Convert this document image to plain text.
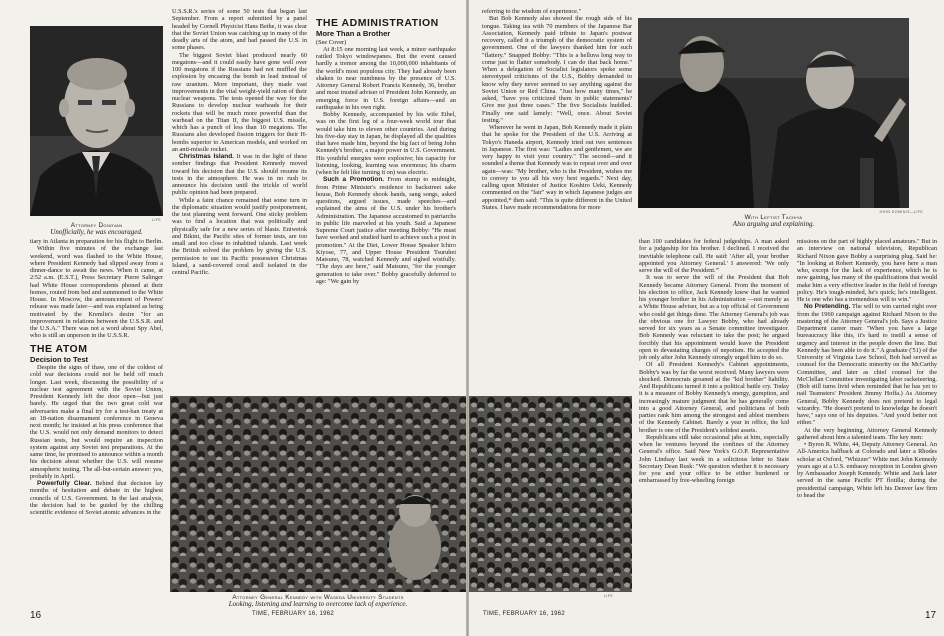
LIFE
Attorney Donovan
Unofficially, he was encouraged.

tiary in Atlanta in preparation for his flight to Berlin.

Within five minutes of the exchange last weekend, word was flashed to the White House, where President Kennedy had slipped away from a dinner-dance to await the news. When it came, at 2:52 a.m. (E.S.T.), Press Secretary Pierre Salinger had White House correspondents phoned at their homes, routed from bed and summoned to the White House. In Moscow, the announcement of Powers' release was made later—and was explained as being motivated by the Kremlin's desire "for an improvement in relations between the U.S.S.R. and the U.S.A." There was not a word about Spy Abel, who is still an unperson in the U.S.S.R.

THE ATOM
Decision to Test

Despite the signs of thaw, one of the coldest of cold war decisions could not be held off much longer. Last week, discussing the possibility of a nuclear test agreement with the Soviet Union, President Kennedy left the door open—but just barely. He urged that the two great cold war adversaries make a final try for a test-ban treaty at an 18-nation disarmament conference in Geneva next month; he insisted at his press conference that the U.S. would not only demand monitors to detect Russian tests, but would require an inspection system against any Soviet test preparations. At the same time, he promised to announce within a month his decision about whether the U.S. will resume atmospheric testing. The all-but-certain answer: yes, probably in April.

Powerfully Clear. Behind that decision lay months of hesitation and debate in the highest councils of U.S. Government. In the last analysis, the decision had to be guided by the chilling scientific evidence of Soviet atomic advances in the

U.S.S.R.'s series of some 50 tests that began last September. From a report submitted by a panel headed by Cornell Physicist Hans Bethe, it was clear that the Soviet Union was catching up in many of the deadly arts of the atom, and had passed the U.S. in some phases.

The biggest Soviet blast produced nearly 60 megatons—and it could easily have gone well over 100 megatons if the Russians had not muffled the explosion by encasing the bomb in lead instead of raw uranium. More important, they made vast improvements in the vital weight-yield ration of their nuclear weapons. The tests opened the way for the Russians to develop nuclear warheads for their rockets that will be much more powerful than the warhead on the Titan II, the biggest U.S. missile, which has a punch of less than 10 megatons. The Russians also developed fission triggers for their H-bombs superior to American models, and worked on an anti-missile rocket.

Christmas Island. It was in the light of these somber findings that President Kennedy moved toward his decision that the U.S. should resume its tests in the atmosphere. He was in no rush to announce his decision until the trickle of world public opinion had been prepared.

While a faint chance remained that some turn in the diplomatic situation would justify postponement, the test planning went forward. One sticky problem was to find a location that was politically and physically safe for a new series of blasts. Eniwetok and Bikini, the Pacific sites of former tests, are too small and too close to inhabited islands. Last week the British solved the problem by giving the U.S. permission to use its Pacific possession Christmas Island, a sand-covered coral atoll isolated in the central Pacific.

THE ADMINISTRATION
More Than a Brother

(See Cover)

At 8:15 one morning last week, a minor earthquake rattled Tokyo windowpanes. But the event caused hardly a tremor among the 10,000,000 inhabitants of the world's most populous city. They had already been shaken to near numbness by the presence of U.S. Attorney General Robert Francis Kennedy, 36, brother and most trusted adviser of President John Kennedy, an emerging force in U.S. foreign affairs—and an earthquake in his own right.

Bobby Kennedy, accompanied by his wife Ethel, was on the first leg of a four-week world tour that would take him to eleven other countries. And during his five-day stay in Japan, he displayed all the qualities that have made him, beyond the big fact of being John Kennedy's brother, a major power in U.S. Government. His youthful energies were explosive; his capacity for listening, looking, learning was enormous; his charm (when he felt like turning it on) was electric.

Such a Promotion. From stump to midnight, from Prime Minister's residence to backstreet sake house, Bob Kennedy shook hands, sang songs, asked questions, argued issues, made speeches—and explained the aims of the U.S. under his brother's Administration. The Japanese accustomed to patriarchs in public life marveled at his youth. Said a Japanese Supreme Court justice after meeting Bobby: "He must have worked and studied hard to achieve such a post in promotion." At the Diet, Lower House Speaker Ichiro Kiyose, 77, and Upper House President Tsuruhei Matsuno, 78, watched Kennedy and sighed wistfully. "The days are here," said Matsuno, "for the younger generation to take over." Bobby gracefully deferred to age: "We gain by

Attorney General Kennedy with Waseda University Students
Looking, listening and learning to overcome lack of experience.
16	TIME, FEBRUARY 16, 1962

referring to the wisdom of experience."

But Bob Kennedy also showed the rough side of his tongue. Taking tea with 70 members of the Japanese Bar Association, Kennedy paid tribute to Japan's postwar recovery, called it a triumph of the democratic system of government. One of the lawyers thanked him for such "flattery." Snapped Bobby: "This is a helluva long way to come just to flatter somebody. I can do that back home." When a delegation of Socialist legislators spoke some stereotyped criticisms of the U.S., Bobby demanded to know why they never seemed to say anything against the Soviet Union or Red China. "Just how many times," he asked, "have you criticized them in public statements? Give me just three cases." The five Socialists huddled. Finally one said lamely: "Well, once. About Soviet testing."

Wherever he went in Japan, Bob Kennedy made it plain that he spoke for the President of the U.S. Arriving at Tokyo's Haneda airport, Kennedy tried out two sentences in Japanese. The first was: "Ladies and gentlemen, we are very happy to visit your country." The second—and it sounded a theme that Kennedy was to repeat over and over again—was: "My brother, who is the President, wishes me to convey to you all his very best regards." Next day, calling upon Minister of Justice Koshiro Ueki, Kennedy commented on the "fair" way in which Japanese judges are appointed,* then said: "This is quite different in the United States. I have made recommendations for more

JOHN DOMINIS—LIFE
With Leftist Tachiya
Also arguing and explaining.

than 100 candidates for federal judgeships. A man asked for a judgeship for his brother. I declined. I received the inevitable telephone call. He said: 'After all, your brother appointed you Attorney General.' I answered: 'We only serve the will of the President.'"

It was to serve the will of the President that Bob Kennedy became Attorney General. From the moment of his election to office, Jack Kennedy knew that he wanted his younger brother in his Administration —not merely as a White House adviser, but as a top official of Government who could get things done. The Attorney General's job was the obvious one for Lawyer Bobby, who had already served for six years as a Senate committee investigator. Bob Kennedy was reluctant to take the post; he argued forcibly that his appointment would leave the President open to devastating charges of nepotism. He accepted the job only after John Kennedy strongly urged him to do so.

Of all President Kennedy's Cabinet appointments, Bobby's was by far the worst received. Many lawyers were shocked. Democrats groaned at the "kid brother" liability. And Republicans turned it into a political battle cry. Today it is a measure of Bobby Kennedy's energy, gumption, and increasingly mature judgment that he has generally come into a good Attorney General, and politicians of both parties rank him among the strongest and ablest members of the Kennedy Cabinet. Barely a year in office, the kid brother is one of the President's solidest assets.

Republicans still take occasional jabs at him, especially when he ventures beyond the confines of the Attorney General's office. Said New York's G.O.P. Representative John Lindsay last week in a solicitous letter to State Secretary Dean Rusk: "We question whether it is necessary for you and your office to be either burdened or embarrassed by free-wheeling foreign

missions on the part of highly placed amateurs." But in an interview on national television, Republican Richard Nixon gave Bobby a surprising plug. Said he: "In looking at Robert Kennedy, you have here a man who, except for the lack of experience, which he is now gaining, has many of the qualifications that would make him a very effective leader in the field of foreign policy. He's tough-minded, he's quick; he's intelligent. He is one who has a tremendous will to win."

No Pretending. The will to win carried right over from the 1960 campaign against Richard Nixon to the mastering of the Attorney General's job. Says a Justice Department career man: "When you have a large bureaucracy like this, it's hard to instill a sense of urgency and interest in the people down the line. But Kennedy has been able to do it." A graduate ('51) of the University of Virginia Law School, Bob had served as counsel for the Democratic minority on the McCarthy Committee, and later as chief counsel for the McClellan Committee investigating labor racketeering. (Bob still turns livid when reminded that he has yet to nail Teamsters' President Jimmy Hoffa.) As Attorney General, Bobby Kennedy does not pretend to legal wizardry. "He doesn't pretend to knowledge he doesn't have," says one of his deputies. "And you'd better not either."

At the very beginning, Attorney General Kennedy gathered about him a talented team. The key men:

• Byron R. White, 44, Deputy Attorney General. An All-America halfback at Colorado and later a Rhodes scholar at Oxford, "Whizzer" White met John Kennedy years ago at a U.S. embassy reception in London given by Ambassador Joseph Kennedy. White and Jack later served in the same Pacific PT flotilla; during the presidential campaign, White left his Denver law firm to head the

LIFE
TIME, FEBRUARY 16, 1962	17
